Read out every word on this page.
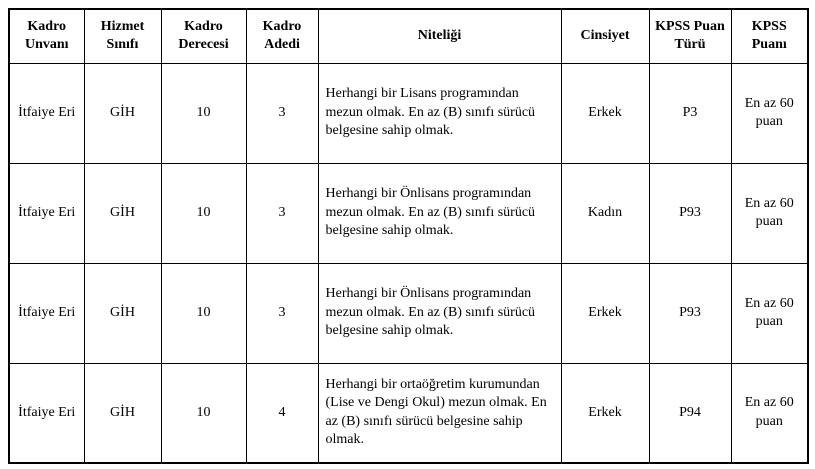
Kadro Unvanı	Hizmet Sınıfı	Kadro Derecesi	Kadro Adedi	Niteliği	Cinsiyet	KPSS Puan Türü	KPSS Puanı
İtfaiye Eri	GİH	10	3	Herhangi bir Lisans programından mezun olmak. En az (B) sınıfı sürücü belgesine sahip olmak.	Erkek	P3	En az 60 puan
İtfaiye Eri	GİH	10	3	Herhangi bir Önlisans programından mezun olmak. En az (B) sınıfı sürücü belgesine sahip olmak.	Kadın	P93	En az 60 puan
İtfaiye Eri	GİH	10	3	Herhangi bir Önlisans programından mezun olmak. En az (B) sınıfı sürücü belgesine sahip olmak.	Erkek	P93	En az 60 puan
İtfaiye Eri	GİH	10	4	Herhangi bir ortaöğretim kurumundan (Lise ve Dengi Okul) mezun olmak. En az (B) sınıfı sürücü belgesine sahip olmak.	Erkek	P94	En az 60 puan
